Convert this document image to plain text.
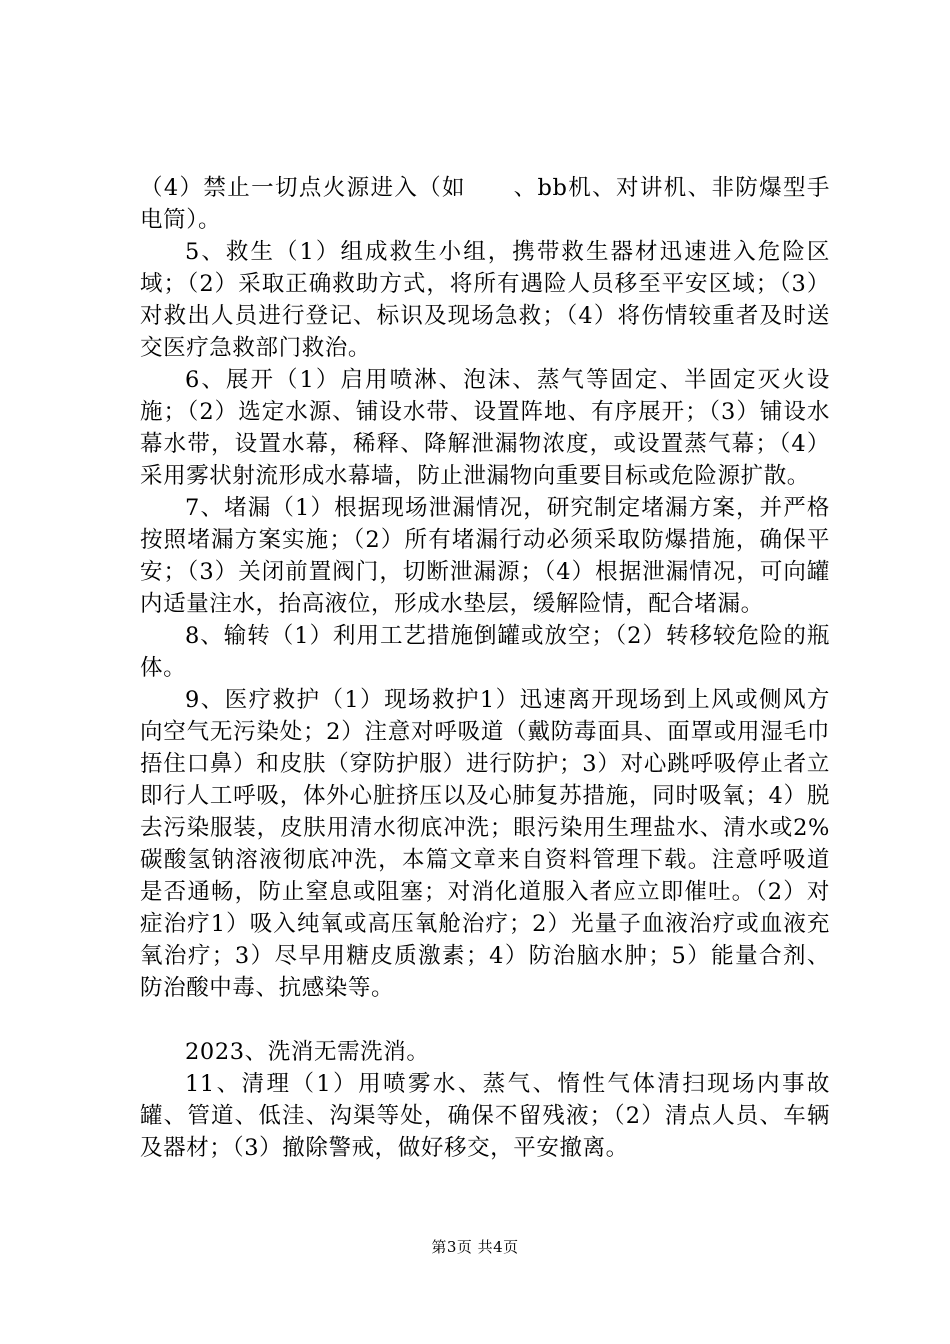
（4）禁止一切点火源进入（如　　、bb机、对讲机、非防爆型手电筒）。

5、救生（1）组成救生小组，携带救生器材迅速进入危险区域；（2）采取正确救助方式，将所有遇险人员移至平安区域；（3）对救出人员进行登记、标识及现场急救；（4）将伤情较重者及时送交医疗急救部门救治。

6、展开（1）启用喷淋、泡沫、蒸气等固定、半固定灭火设施；（2）选定水源、铺设水带、设置阵地、有序展开；（3）铺设水幕水带，设置水幕，稀释、降解泄漏物浓度，或设置蒸气幕；（4）采用雾状射流形成水幕墙，防止泄漏物向重要目标或危险源扩散。

7、堵漏（1）根据现场泄漏情况，研究制定堵漏方案，并严格按照堵漏方案实施；（2）所有堵漏行动必须采取防爆措施，确保平安；（3）关闭前置阀门，切断泄漏源；（4）根据泄漏情况，可向罐内适量注水，抬高液位，形成水垫层，缓解险情，配合堵漏。

8、输转（1）利用工艺措施倒罐或放空；（2）转移较危险的瓶体。

9、医疗救护（1）现场救护1）迅速离开现场到上风或侧风方向空气无污染处；2）注意对呼吸道（戴防毒面具、面罩或用湿毛巾捂住口鼻）和皮肤（穿防护服）进行防护；3）对心跳呼吸停止者立即行人工呼吸，体外心脏挤压以及心肺复苏措施，同时吸氧；4）脱去污染服装，皮肤用清水彻底冲洗；眼污染用生理盐水、清水或2%碳酸氢钠溶液彻底冲洗，本篇文章来自资料管理下载。注意呼吸道是否通畅，防止窒息或阻塞；对消化道服入者应立即催吐。（2）对症治疗1）吸入纯氧或高压氧舱治疗；2）光量子血液治疗或血液充氧治疗；3）尽早用糖皮质激素；4）防治脑水肿；5）能量合剂、防治酸中毒、抗感染等。

2023、洗消无需洗消。

11、清理（1）用喷雾水、蒸气、惰性气体清扫现场内事故罐、管道、低洼、沟渠等处，确保不留残液；（2）清点人员、车辆及器材；（3）撤除警戒，做好移交，平安撤离。

第3页 共4页
